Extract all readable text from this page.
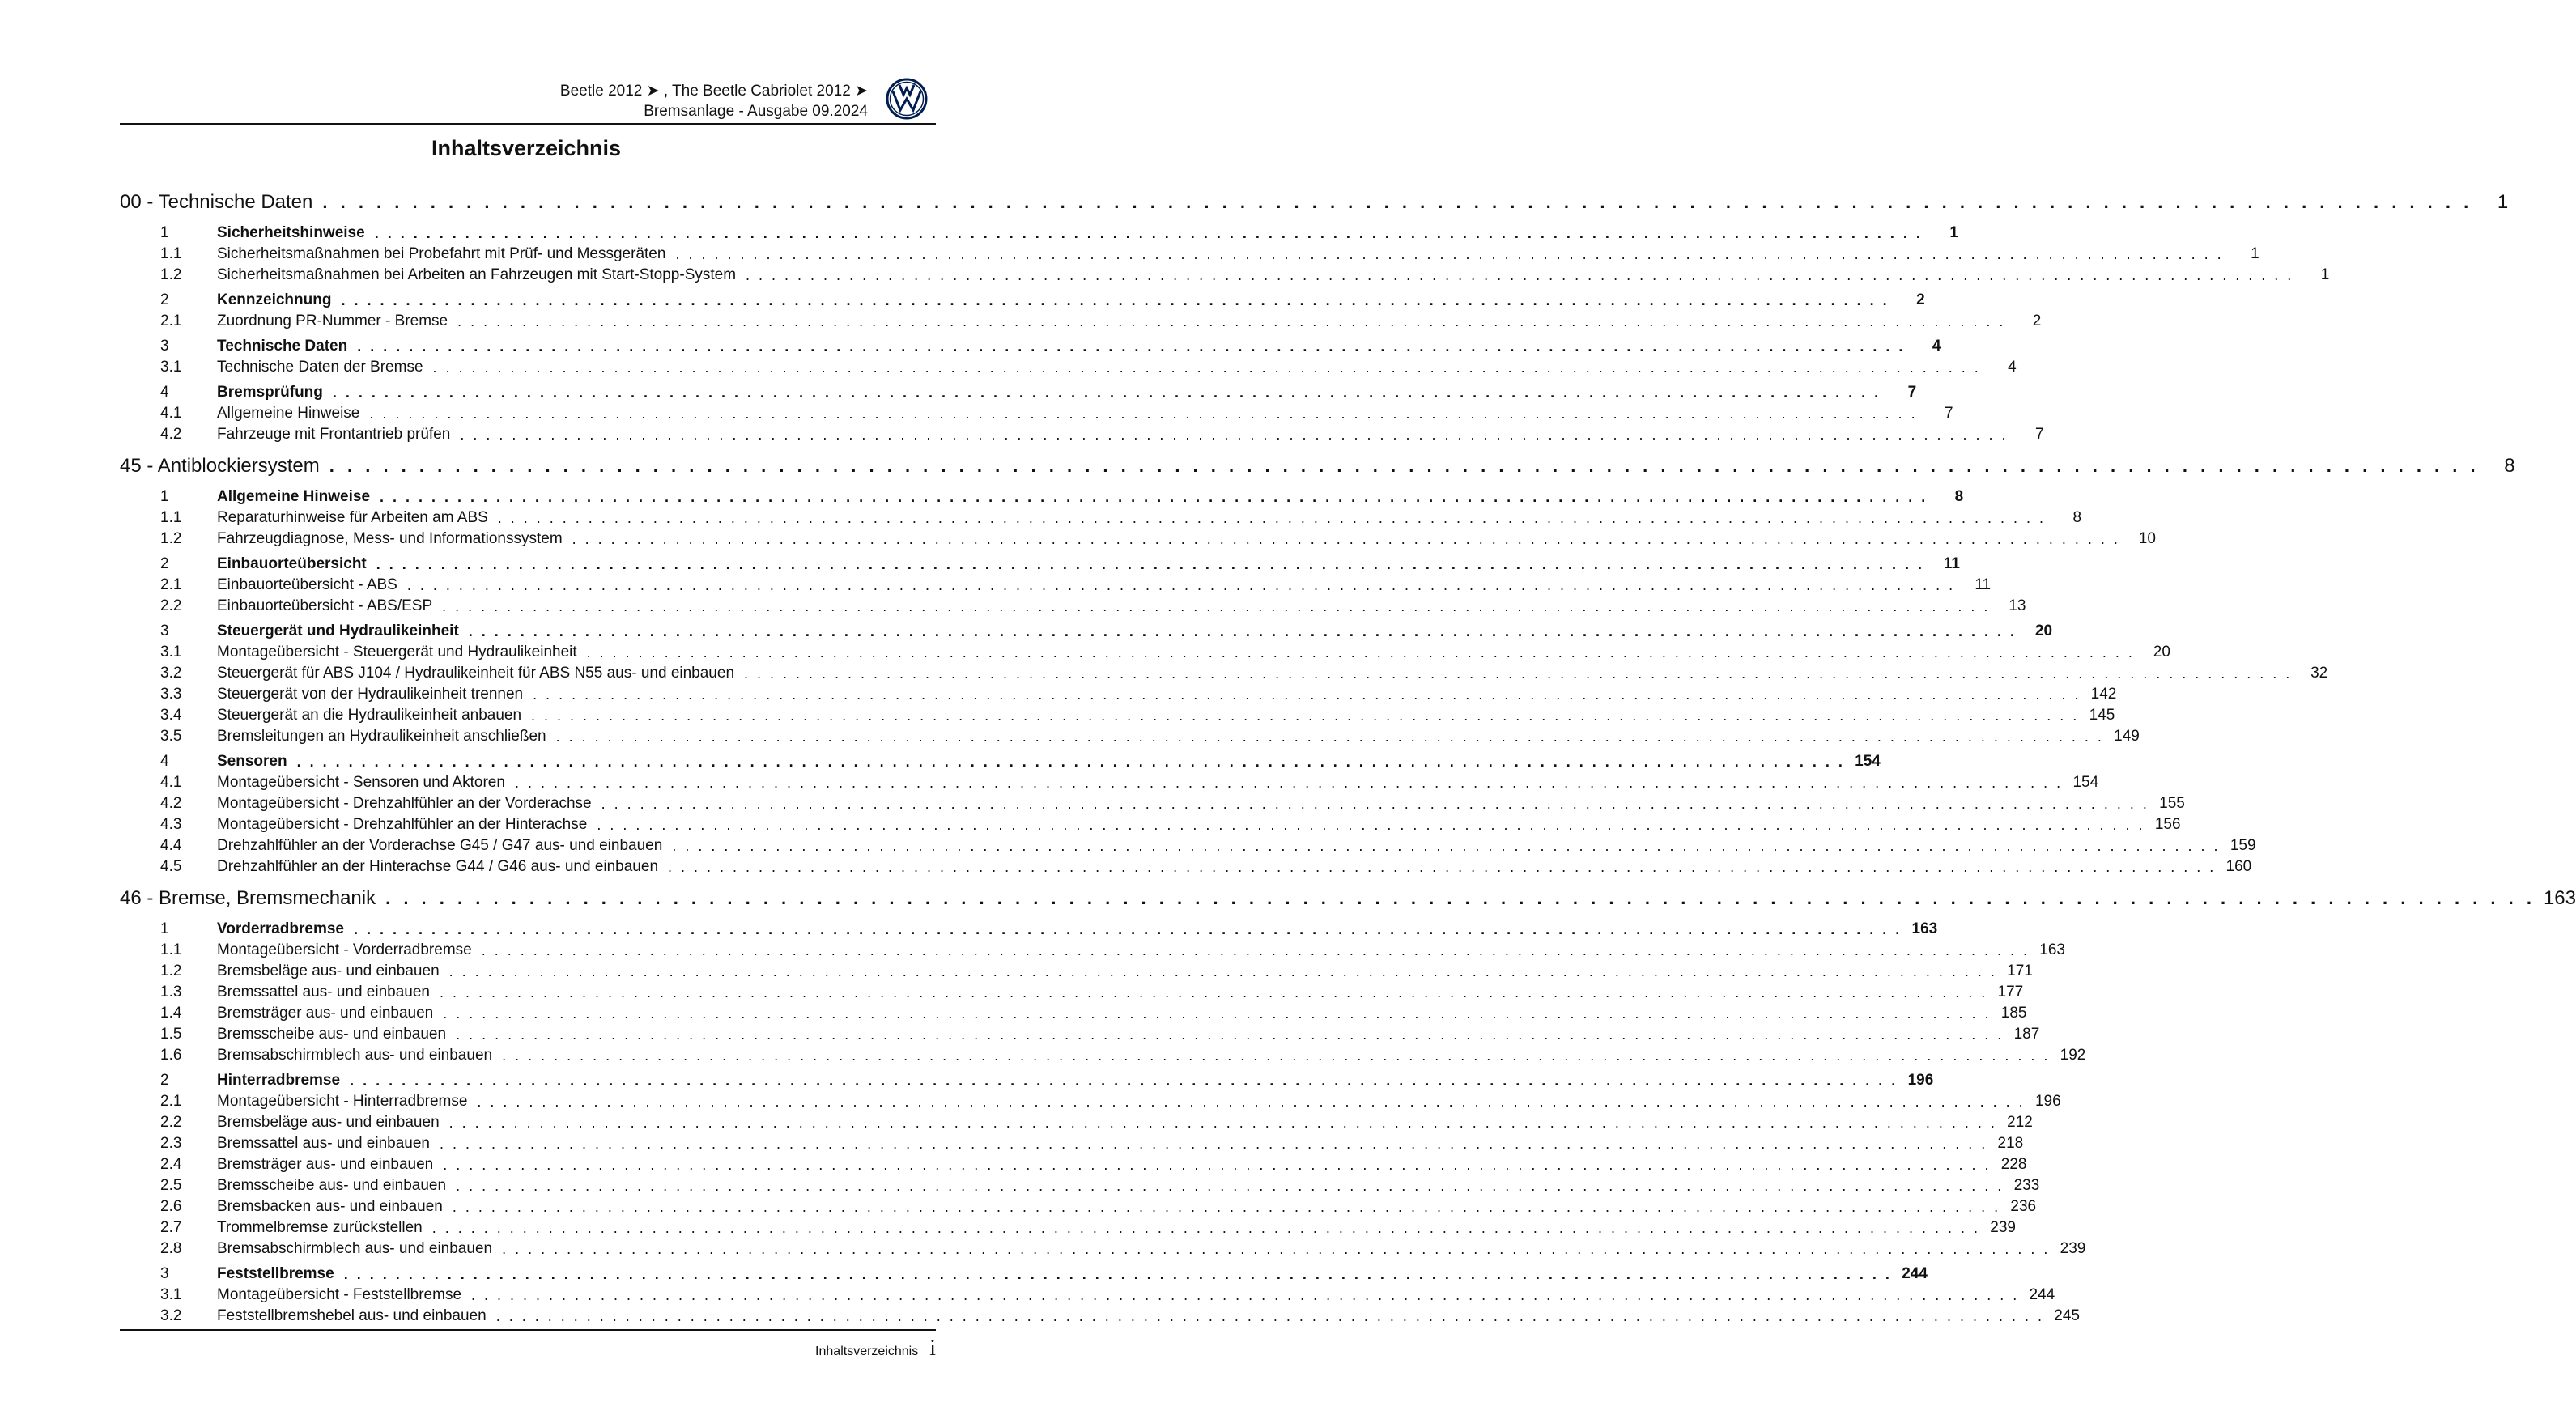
Beetle 2012 ➤ , The Beetle Cabriolet 2012 ➤
Bremsanlage - Ausgabe 09.2024
Inhaltsverzeichnis
00 - Technische Daten . . . . . . . . . . . . . . . . . . . . . . . . . . . . . . . . . . . . . . . . . . . . . . . . . . . . . . . . . . . . . . . . . . . . . . . . . . . . . . . . . . . . . . . . . . . . . . . . . . . . . . . . . . . . . . . . . . . . . . . .	1
1	Sicherheitshinweise . . . . . . . . . . . . . . . . . . . . . . . . . . . . . . . . . . . . . . . . . . . . . . . . . . . . . . . . . . . . . . . . . . . . . . . . . . . . . . . . . . . . . . . . . . . . . . . . . . . . . . . . . . . . . . . . . . . . . . . .	1
1.1	Sicherheitsmaßnahmen bei Probefahrt mit Prüf- und Messgeräten . . . . . . . . . . . . . . . . . . . . . . . . . . . . . . . . . . . . . . . . . . . . . . . . . . . . . . . . . . . . . . . . . . . . . . . . . . . . . . . . . . . . . . . . . . . . . . . . . . . . . . . . . . . . . . . . . . . . . . . .	1
1.2	Sicherheitsmaßnahmen bei Arbeiten an Fahrzeugen mit Start-Stopp-System . . . . . . . . . . . . . . . . . . . . . . . . . . . . . . . . . . . . . . . . . . . . . . . . . . . . . . . . . . . . . . . . . . . . . . . . . . . . . . . . . . . . . . . . . . . . . . . . . . . . . . . . . . . . . . . . . . . . . . . .	1
2	Kennzeichnung . . . . . . . . . . . . . . . . . . . . . . . . . . . . . . . . . . . . . . . . . . . . . . . . . . . . . . . . . . . . . . . . . . . . . . . . . . . . . . . . . . . . . . . . . . . . . . . . . . . . . . . . . . . . . . . . . . . . . . . .	2
2.1	Zuordnung PR-Nummer - Bremse . . . . . . . . . . . . . . . . . . . . . . . . . . . . . . . . . . . . . . . . . . . . . . . . . . . . . . . . . . . . . . . . . . . . . . . . . . . . . . . . . . . . . . . . . . . . . . . . . . . . . . . . . . . . . . . . . . . . . . . .	2
3	Technische Daten . . . . . . . . . . . . . . . . . . . . . . . . . . . . . . . . . . . . . . . . . . . . . . . . . . . . . . . . . . . . . . . . . . . . . . . . . . . . . . . . . . . . . . . . . . . . . . . . . . . . . . . . . . . . . . . . . . . . . . . .	4
3.1	Technische Daten der Bremse . . . . . . . . . . . . . . . . . . . . . . . . . . . . . . . . . . . . . . . . . . . . . . . . . . . . . . . . . . . . . . . . . . . . . . . . . . . . . . . . . . . . . . . . . . . . . . . . . . . . . . . . . . . . . . . . . . . . . . . .	4
4	Bremsprüfung . . . . . . . . . . . . . . . . . . . . . . . . . . . . . . . . . . . . . . . . . . . . . . . . . . . . . . . . . . . . . . . . . . . . . . . . . . . . . . . . . . . . . . . . . . . . . . . . . . . . . . . . . . . . . . . . . . . . . . . .	7
4.1	Allgemeine Hinweise . . . . . . . . . . . . . . . . . . . . . . . . . . . . . . . . . . . . . . . . . . . . . . . . . . . . . . . . . . . . . . . . . . . . . . . . . . . . . . . . . . . . . . . . . . . . . . . . . . . . . . . . . . . . . . . . . . . . . . . .	7
4.2	Fahrzeuge mit Frontantrieb prüfen . . . . . . . . . . . . . . . . . . . . . . . . . . . . . . . . . . . . . . . . . . . . . . . . . . . . . . . . . . . . . . . . . . . . . . . . . . . . . . . . . . . . . . . . . . . . . . . . . . . . . . . . . . . . . . . . . . . . . . . .	7
45 - Antiblockiersystem . . . . . . . . . . . . . . . . . . . . . . . . . . . . . . . . . . . . . . . . . . . . . . . . . . . . . . . . . . . . . . . . . . . . . . . . . . . . . . . . . . . . . . . . . . . . . . . . . . . . . . . . . . . . . . . . . . . . . . . .	8
1	Allgemeine Hinweise . . . . . . . . . . . . . . . . . . . . . . . . . . . . . . . . . . . . . . . . . . . . . . . . . . . . . . . . . . . . . . . . . . . . . . . . . . . . . . . . . . . . . . . . . . . . . . . . . . . . . . . . . . . . . . . . . . . . . . . .	8
1.1	Reparaturhinweise für Arbeiten am ABS . . . . . . . . . . . . . . . . . . . . . . . . . . . . . . . . . . . . . . . . . . . . . . . . . . . . . . . . . . . . . . . . . . . . . . . . . . . . . . . . . . . . . . . . . . . . . . . . . . . . . . . . . . . . . . . . . . . . . . . .	8
1.2	Fahrzeugdiagnose, Mess- und Informationssystem . . . . . . . . . . . . . . . . . . . . . . . . . . . . . . . . . . . . . . . . . . . . . . . . . . . . . . . . . . . . . . . . . . . . . . . . . . . . . . . . . . . . . . . . . . . . . . . . . . . . . . . . . . . . . . . . . . . . . . . .	10
2	Einbauorteübersicht . . . . . . . . . . . . . . . . . . . . . . . . . . . . . . . . . . . . . . . . . . . . . . . . . . . . . . . . . . . . . . . . . . . . . . . . . . . . . . . . . . . . . . . . . . . . . . . . . . . . . . . . . . . . . . . . . . . . . . . .	11
2.1	Einbauorteübersicht - ABS . . . . . . . . . . . . . . . . . . . . . . . . . . . . . . . . . . . . . . . . . . . . . . . . . . . . . . . . . . . . . . . . . . . . . . . . . . . . . . . . . . . . . . . . . . . . . . . . . . . . . . . . . . . . . . . . . . . . . . . .	11
2.2	Einbauorteübersicht - ABS/ESP . . . . . . . . . . . . . . . . . . . . . . . . . . . . . . . . . . . . . . . . . . . . . . . . . . . . . . . . . . . . . . . . . . . . . . . . . . . . . . . . . . . . . . . . . . . . . . . . . . . . . . . . . . . . . . . . . . . . . . . .	13
3	Steuergerät und Hydraulikeinheit . . . . . . . . . . . . . . . . . . . . . . . . . . . . . . . . . . . . . . . . . . . . . . . . . . . . . . . . . . . . . . . . . . . . . . . . . . . . . . . . . . . . . . . . . . . . . . . . . . . . . . . . . . . . . . . . . . . . . . . .	20
3.1	Montageübersicht - Steuergerät und Hydraulikeinheit . . . . . . . . . . . . . . . . . . . . . . . . . . . . . . . . . . . . . . . . . . . . . . . . . . . . . . . . . . . . . . . . . . . . . . . . . . . . . . . . . . . . . . . . . . . . . . . . . . . . . . . . . . . . . . . . . . . . . . . .	20
3.2	Steuergerät für ABS J104 / Hydraulikeinheit für ABS N55 aus- und einbauen . . . . . . . . . . . . . . . . . . . . . . . . . . . . . . . . . . . . . . . . . . . . . . . . . . . . . . . . . . . . . . . . . . . . . . . . . . . . . . . . . . . . . . . . . . . . . . . . . . . . . . . . . . . . . . . . . . . . . . . .	32
3.3	Steuergerät von der Hydraulikeinheit trennen . . . . . . . . . . . . . . . . . . . . . . . . . . . . . . . . . . . . . . . . . . . . . . . . . . . . . . . . . . . . . . . . . . . . . . . . . . . . . . . . . . . . . . . . . . . . . . . . . . . . . . . . . . . . . . . . . . . . . . . . 142
3.4	Steuergerät an die Hydraulikeinheit anbauen . . . . . . . . . . . . . . . . . . . . . . . . . . . . . . . . . . . . . . . . . . . . . . . . . . . . . . . . . . . . . . . . . . . . . . . . . . . . . . . . . . . . . . . . . . . . . . . . . . . . . . . . . . . . . . . . . . . . . . . . 145
3.5	Bremsleitungen an Hydraulikeinheit anschließen . . . . . . . . . . . . . . . . . . . . . . . . . . . . . . . . . . . . . . . . . . . . . . . . . . . . . . . . . . . . . . . . . . . . . . . . . . . . . . . . . . . . . . . . . . . . . . . . . . . . . . . . . . . . . . . . . . . . . . . . 149
4	Sensoren . . . . . . . . . . . . . . . . . . . . . . . . . . . . . . . . . . . . . . . . . . . . . . . . . . . . . . . . . . . . . . . . . . . . . . . . . . . . . . . . . . . . . . . . . . . . . . . . . . . . . . . . . . . . . . . . . . . . . . . . 154
4.1	Montageübersicht - Sensoren und Aktoren . . . . . . . . . . . . . . . . . . . . . . . . . . . . . . . . . . . . . . . . . . . . . . . . . . . . . . . . . . . . . . . . . . . . . . . . . . . . . . . . . . . . . . . . . . . . . . . . . . . . . . . . . . . . . . . . . . . . . . . . 154
4.2	Montageübersicht - Drehzahlfühler an der Vorderachse . . . . . . . . . . . . . . . . . . . . . . . . . . . . . . . . . . . . . . . . . . . . . . . . . . . . . . . . . . . . . . . . . . . . . . . . . . . . . . . . . . . . . . . . . . . . . . . . . . . . . . . . . . . . . . . . . . . . . . . . 155
4.3	Montageübersicht - Drehzahlfühler an der Hinterachse . . . . . . . . . . . . . . . . . . . . . . . . . . . . . . . . . . . . . . . . . . . . . . . . . . . . . . . . . . . . . . . . . . . . . . . . . . . . . . . . . . . . . . . . . . . . . . . . . . . . . . . . . . . . . . . . . . . . . . . . 156
4.4	Drehzahlfühler an der Vorderachse G45 / G47 aus- und einbauen . . . . . . . . . . . . . . . . . . . . . . . . . . . . . . . . . . . . . . . . . . . . . . . . . . . . . . . . . . . . . . . . . . . . . . . . . . . . . . . . . . . . . . . . . . . . . . . . . . . . . . . . . . . . . . . . . . . . . . . . 159
4.5	Drehzahlfühler an der Hinterachse G44 / G46 aus- und einbauen . . . . . . . . . . . . . . . . . . . . . . . . . . . . . . . . . . . . . . . . . . . . . . . . . . . . . . . . . . . . . . . . . . . . . . . . . . . . . . . . . . . . . . . . . . . . . . . . . . . . . . . . . . . . . . . . . . . . . . . . 160
46 - Bremse, Bremsmechanik . . . . . . . . . . . . . . . . . . . . . . . . . . . . . . . . . . . . . . . . . . . . . . . . . . . . . . . . . . . . . . . . . . . . . . . . . . . . . . . . . . . . . . . . . . . . . . . . . . . . . . . . . . . . . . . . . . . . . . . . 163
1	Vorderradbremse . . . . . . . . . . . . . . . . . . . . . . . . . . . . . . . . . . . . . . . . . . . . . . . . . . . . . . . . . . . . . . . . . . . . . . . . . . . . . . . . . . . . . . . . . . . . . . . . . . . . . . . . . . . . . . . . . . . . . . . . 163
1.1	Montageübersicht - Vorderradbremse . . . . . . . . . . . . . . . . . . . . . . . . . . . . . . . . . . . . . . . . . . . . . . . . . . . . . . . . . . . . . . . . . . . . . . . . . . . . . . . . . . . . . . . . . . . . . . . . . . . . . . . . . . . . . . . . . . . . . . . . 163
1.2	Bremsbeläge aus- und einbauen . . . . . . . . . . . . . . . . . . . . . . . . . . . . . . . . . . . . . . . . . . . . . . . . . . . . . . . . . . . . . . . . . . . . . . . . . . . . . . . . . . . . . . . . . . . . . . . . . . . . . . . . . . . . . . . . . . . . . . . . 171
1.3	Bremssattel aus- und einbauen . . . . . . . . . . . . . . . . . . . . . . . . . . . . . . . . . . . . . . . . . . . . . . . . . . . . . . . . . . . . . . . . . . . . . . . . . . . . . . . . . . . . . . . . . . . . . . . . . . . . . . . . . . . . . . . . . . . . . . . . 177
1.4	Bremsträger aus- und einbauen . . . . . . . . . . . . . . . . . . . . . . . . . . . . . . . . . . . . . . . . . . . . . . . . . . . . . . . . . . . . . . . . . . . . . . . . . . . . . . . . . . . . . . . . . . . . . . . . . . . . . . . . . . . . . . . . . . . . . . . . 185
1.5	Bremsscheibe aus- und einbauen . . . . . . . . . . . . . . . . . . . . . . . . . . . . . . . . . . . . . . . . . . . . . . . . . . . . . . . . . . . . . . . . . . . . . . . . . . . . . . . . . . . . . . . . . . . . . . . . . . . . . . . . . . . . . . . . . . . . . . . . 187
1.6	Bremsabschirmblech aus- und einbauen . . . . . . . . . . . . . . . . . . . . . . . . . . . . . . . . . . . . . . . . . . . . . . . . . . . . . . . . . . . . . . . . . . . . . . . . . . . . . . . . . . . . . . . . . . . . . . . . . . . . . . . . . . . . . . . . . . . . . . . . 192
2	Hinterradbremse . . . . . . . . . . . . . . . . . . . . . . . . . . . . . . . . . . . . . . . . . . . . . . . . . . . . . . . . . . . . . . . . . . . . . . . . . . . . . . . . . . . . . . . . . . . . . . . . . . . . . . . . . . . . . . . . . . . . . . . . 196
2.1	Montageübersicht - Hinterradbremse . . . . . . . . . . . . . . . . . . . . . . . . . . . . . . . . . . . . . . . . . . . . . . . . . . . . . . . . . . . . . . . . . . . . . . . . . . . . . . . . . . . . . . . . . . . . . . . . . . . . . . . . . . . . . . . . . . . . . . . . 196
2.2	Bremsbeläge aus- und einbauen . . . . . . . . . . . . . . . . . . . . . . . . . . . . . . . . . . . . . . . . . . . . . . . . . . . . . . . . . . . . . . . . . . . . . . . . . . . . . . . . . . . . . . . . . . . . . . . . . . . . . . . . . . . . . . . . . . . . . . . . 212
2.3	Bremssattel aus- und einbauen . . . . . . . . . . . . . . . . . . . . . . . . . . . . . . . . . . . . . . . . . . . . . . . . . . . . . . . . . . . . . . . . . . . . . . . . . . . . . . . . . . . . . . . . . . . . . . . . . . . . . . . . . . . . . . . . . . . . . . . . 218
2.4	Bremsträger aus- und einbauen . . . . . . . . . . . . . . . . . . . . . . . . . . . . . . . . . . . . . . . . . . . . . . . . . . . . . . . . . . . . . . . . . . . . . . . . . . . . . . . . . . . . . . . . . . . . . . . . . . . . . . . . . . . . . . . . . . . . . . . . 228
2.5	Bremsscheibe aus- und einbauen . . . . . . . . . . . . . . . . . . . . . . . . . . . . . . . . . . . . . . . . . . . . . . . . . . . . . . . . . . . . . . . . . . . . . . . . . . . . . . . . . . . . . . . . . . . . . . . . . . . . . . . . . . . . . . . . . . . . . . . . 233
2.6	Bremsbacken aus- und einbauen . . . . . . . . . . . . . . . . . . . . . . . . . . . . . . . . . . . . . . . . . . . . . . . . . . . . . . . . . . . . . . . . . . . . . . . . . . . . . . . . . . . . . . . . . . . . . . . . . . . . . . . . . . . . . . . . . . . . . . . . 236
2.7	Trommelbremse zurückstellen . . . . . . . . . . . . . . . . . . . . . . . . . . . . . . . . . . . . . . . . . . . . . . . . . . . . . . . . . . . . . . . . . . . . . . . . . . . . . . . . . . . . . . . . . . . . . . . . . . . . . . . . . . . . . . . . . . . . . . . . 239
2.8	Bremsabschirmblech aus- und einbauen . . . . . . . . . . . . . . . . . . . . . . . . . . . . . . . . . . . . . . . . . . . . . . . . . . . . . . . . . . . . . . . . . . . . . . . . . . . . . . . . . . . . . . . . . . . . . . . . . . . . . . . . . . . . . . . . . . . . . . . . 239
3	Feststellbremse . . . . . . . . . . . . . . . . . . . . . . . . . . . . . . . . . . . . . . . . . . . . . . . . . . . . . . . . . . . . . . . . . . . . . . . . . . . . . . . . . . . . . . . . . . . . . . . . . . . . . . . . . . . . . . . . . . . . . . . . 244
3.1	Montageübersicht - Feststellbremse . . . . . . . . . . . . . . . . . . . . . . . . . . . . . . . . . . . . . . . . . . . . . . . . . . . . . . . . . . . . . . . . . . . . . . . . . . . . . . . . . . . . . . . . . . . . . . . . . . . . . . . . . . . . . . . . . . . . . . . . 244
3.2	Feststellbremshebel aus- und einbauen . . . . . . . . . . . . . . . . . . . . . . . . . . . . . . . . . . . . . . . . . . . . . . . . . . . . . . . . . . . . . . . . . . . . . . . . . . . . . . . . . . . . . . . . . . . . . . . . . . . . . . . . . . . . . . . . . . . . . . . . 245
Inhaltsverzeichnis i
